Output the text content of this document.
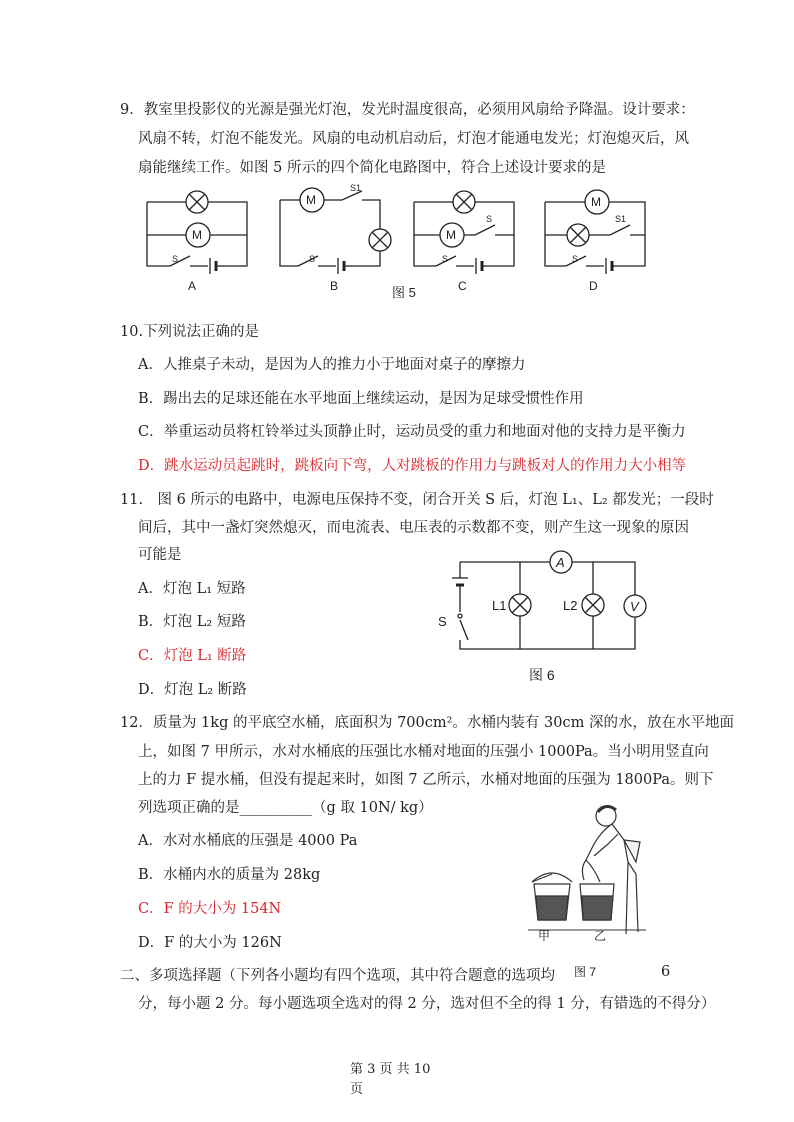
9．教室里投影仪的光源是强光灯泡，发光时温度很高，必须用风扇给予降温。设计要求：
风扇不转，灯泡不能发光。风扇的电动机启动后，灯泡才能通电发光；灯泡熄灭后，风
扇能继续工作。如图 5 所示的四个简化电路图中，符合上述设计要求的是
M
S
M
S1
S
M
S
S
M
S1
S
A	B	C	D
图 5
10.下列说法正确的是
A．人推桌子未动，是因为人的推力小于地面对桌子的摩擦力
B．踢出去的足球还能在水平地面上继续运动，是因为足球受惯性作用
C．举重运动员将杠铃举过头顶静止时，运动员受的重力和地面对他的支持力是平衡力
D．跳水运动员起跳时，跳板向下弯，人对跳板的作用力与跳板对人的作用力大小相等
11.　图 6 所示的电路中，电源电压保持不变，闭合开关 S 后，灯泡 L₁、L₂ 都发光；一段时
间后，其中一盏灯突然熄灭，而电流表、电压表的示数都不变，则产生这一现象的原因
可能是
A．灯泡 L₁ 短路
B．灯泡 L₂ 短路
C．灯泡 L₁ 断路
D．灯泡 L₂ 断路
A
V
S
L1	L2
图 6
12．质量为 1kg 的平底空水桶，底面积为 700cm²。水桶内装有 30cm 深的水，放在水平地面
上，如图 7 甲所示，水对水桶底的压强比水桶对地面的压强小 1000Pa。当小明用竖直向
上的力 F 提水桶，但没有提起来时，如图 7 乙所示，水桶对地面的压强为 1800Pa。则下
列选项正确的是__________（g 取 10N/ kg）
A．水对水桶底的压强是 4000 Pa
B．水桶内水的质量为 28kg
C．F 的大小为 154N
D．F 的大小为 126N	甲	乙
图 7
二、多项选择题（下列各小题均有四个选项，其中符合题意的选项均	6
分，每小题 2 分。每小题选项全选对的得 2 分，选对但不全的得 1 分，有错选的不得分）
第 3 页 共 10
页
